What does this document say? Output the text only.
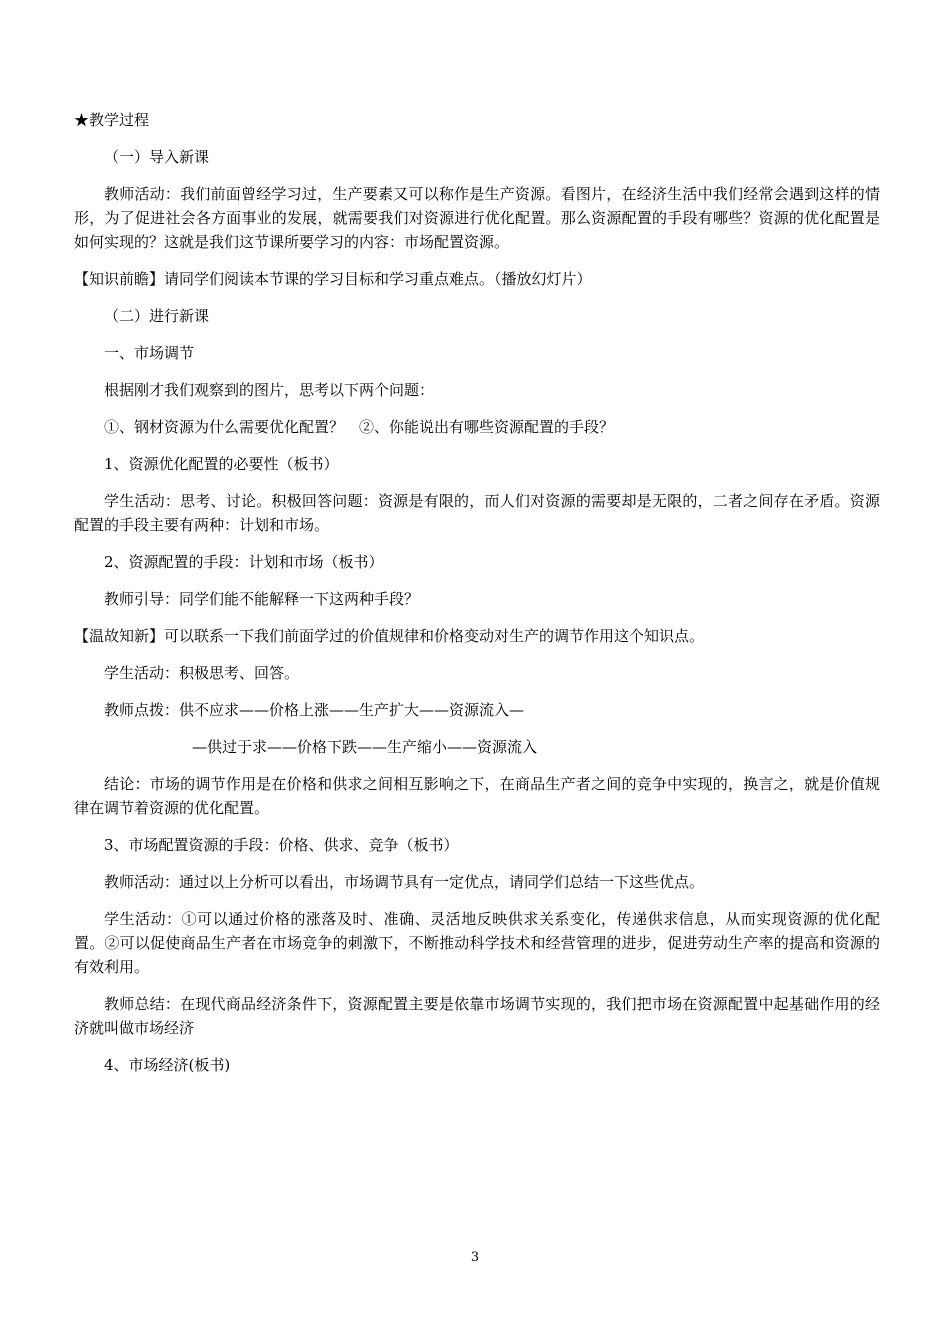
★教学过程

（一）导入新课

教师活动：我们前面曾经学习过，生产要素又可以称作是生产资源。看图片，在经济生活中我们经常会遇到这样的情形，为了促进社会各方面事业的发展，就需要我们对资源进行优化配置。那么资源配置的手段有哪些？资源的优化配置是如何实现的？这就是我们这节课所要学习的内容：市场配置资源。

【知识前瞻】请同学们阅读本节课的学习目标和学习重点难点。（播放幻灯片）

（二）进行新课

一、市场调节

根据刚才我们观察到的图片，思考以下两个问题：

①、钢材资源为什么需要优化配置？　②、你能说出有哪些资源配置的手段？

1、资源优化配置的必要性（板书）

学生活动：思考、讨论。积极回答问题：资源是有限的，而人们对资源的需要却是无限的，二者之间存在矛盾。资源配置的手段主要有两种：计划和市场。

2、资源配置的手段：计划和市场（板书）

教师引导：同学们能不能解释一下这两种手段？

【温故知新】可以联系一下我们前面学过的价值规律和价格变动对生产的调节作用这个知识点。

学生活动：积极思考、回答。

教师点拨：供不应求——价格上涨——生产扩大——资源流入—

—供过于求——价格下跌——生产缩小——资源流入

结论：市场的调节作用是在价格和供求之间相互影响之下，在商品生产者之间的竞争中实现的，换言之，就是价值规律在调节着资源的优化配置。

3、市场配置资源的手段：价格、供求、竞争（板书）

教师活动：通过以上分析可以看出，市场调节具有一定优点，请同学们总结一下这些优点。

学生活动：①可以通过价格的涨落及时、准确、灵活地反映供求关系变化，传递供求信息，从而实现资源的优化配置。②可以促使商品生产者在市场竞争的刺激下，不断推动科学技术和经营管理的进步，促进劳动生产率的提高和资源的有效利用。

教师总结：在现代商品经济条件下，资源配置主要是依靠市场调节实现的，我们把市场在资源配置中起基础作用的经济就叫做市场经济

4、市场经济(板书)

3
